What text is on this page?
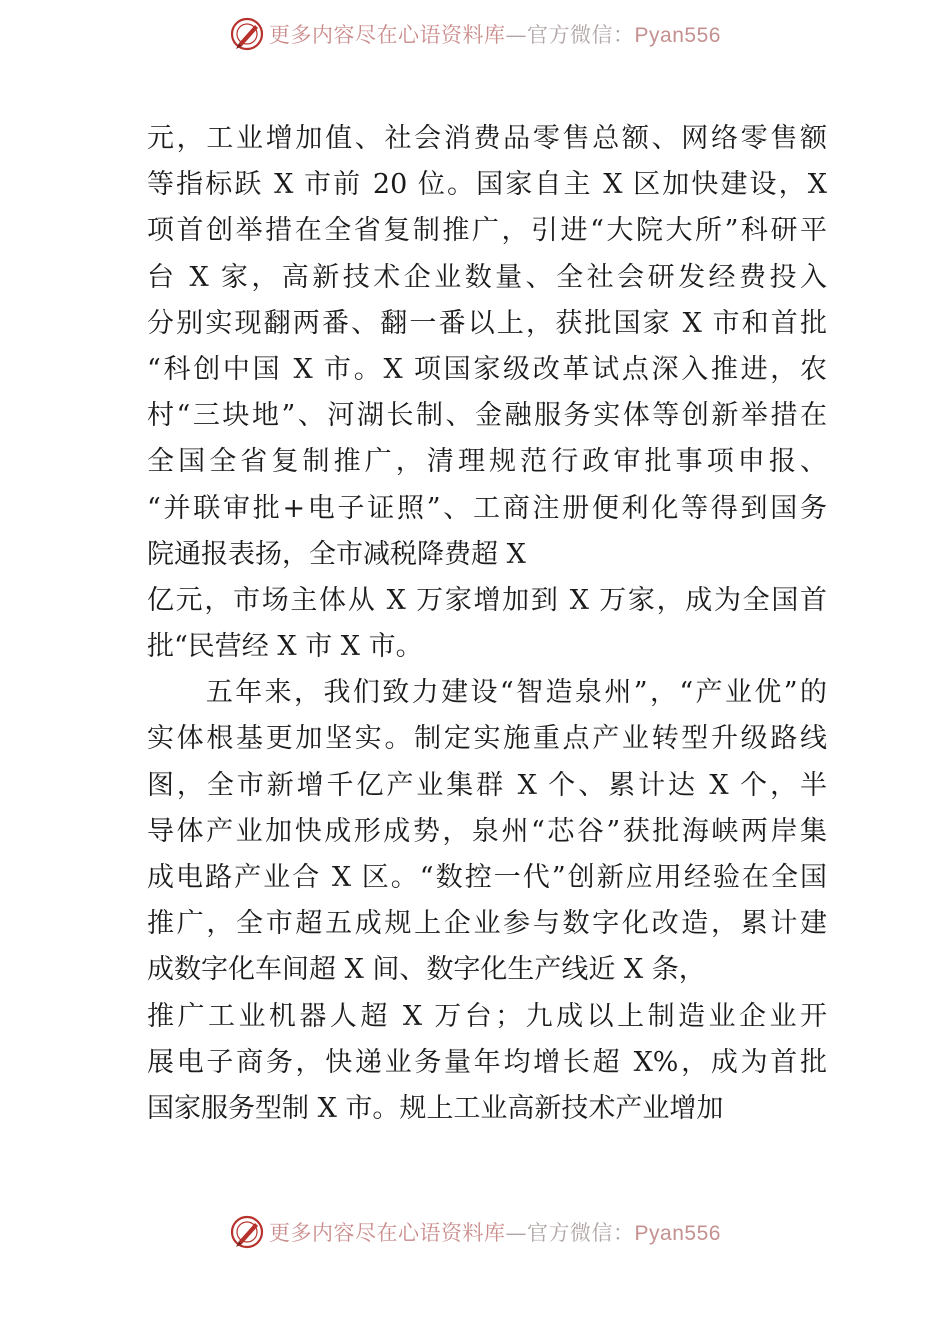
更多内容尽在心语资料库—官方微信：Pyan556
元，工业增加值、社会消费品零售总额、网络零售额
等指标跃 X 市前 20 位。国家自主 X 区加快建设，X
项首创举措在全省复制推广，引进“大院大所”科研平
台 X 家，高新技术企业数量、全社会研发经费投入
分别实现翻两番、翻一番以上，获批国家 X 市和首批
“科创中国 X 市。X 项国家级改革试点深入推进，农
村“三块地”、河湖长制、金融服务实体等创新举措在
全国全省复制推广，清理规范行政审批事项申报、
“并联审批+电子证照”、工商注册便利化等得到国务
院通报表扬，全市减税降费超 X
亿元，市场主体从 X 万家增加到 X 万家，成为全国首
批“民营经 X 市 X 市。
　　五年来，我们致力建设“智造泉州”，“产业优”的
实体根基更加坚实。制定实施重点产业转型升级路线
图，全市新增千亿产业集群 X 个、累计达 X 个，半
导体产业加快成形成势，泉州“芯谷”获批海峡两岸集
成电路产业合 X 区。“数控一代”创新应用经验在全国
推广，全市超五成规上企业参与数字化改造，累计建
成数字化车间超 X 间、数字化生产线近 X 条，
推广工业机器人超 X 万台；九成以上制造业企业开
展电子商务，快递业务量年均增长超 X%，成为首批
国家服务型制 X 市。规上工业高新技术产业增加
更多内容尽在心语资料库—官方微信：Pyan556
